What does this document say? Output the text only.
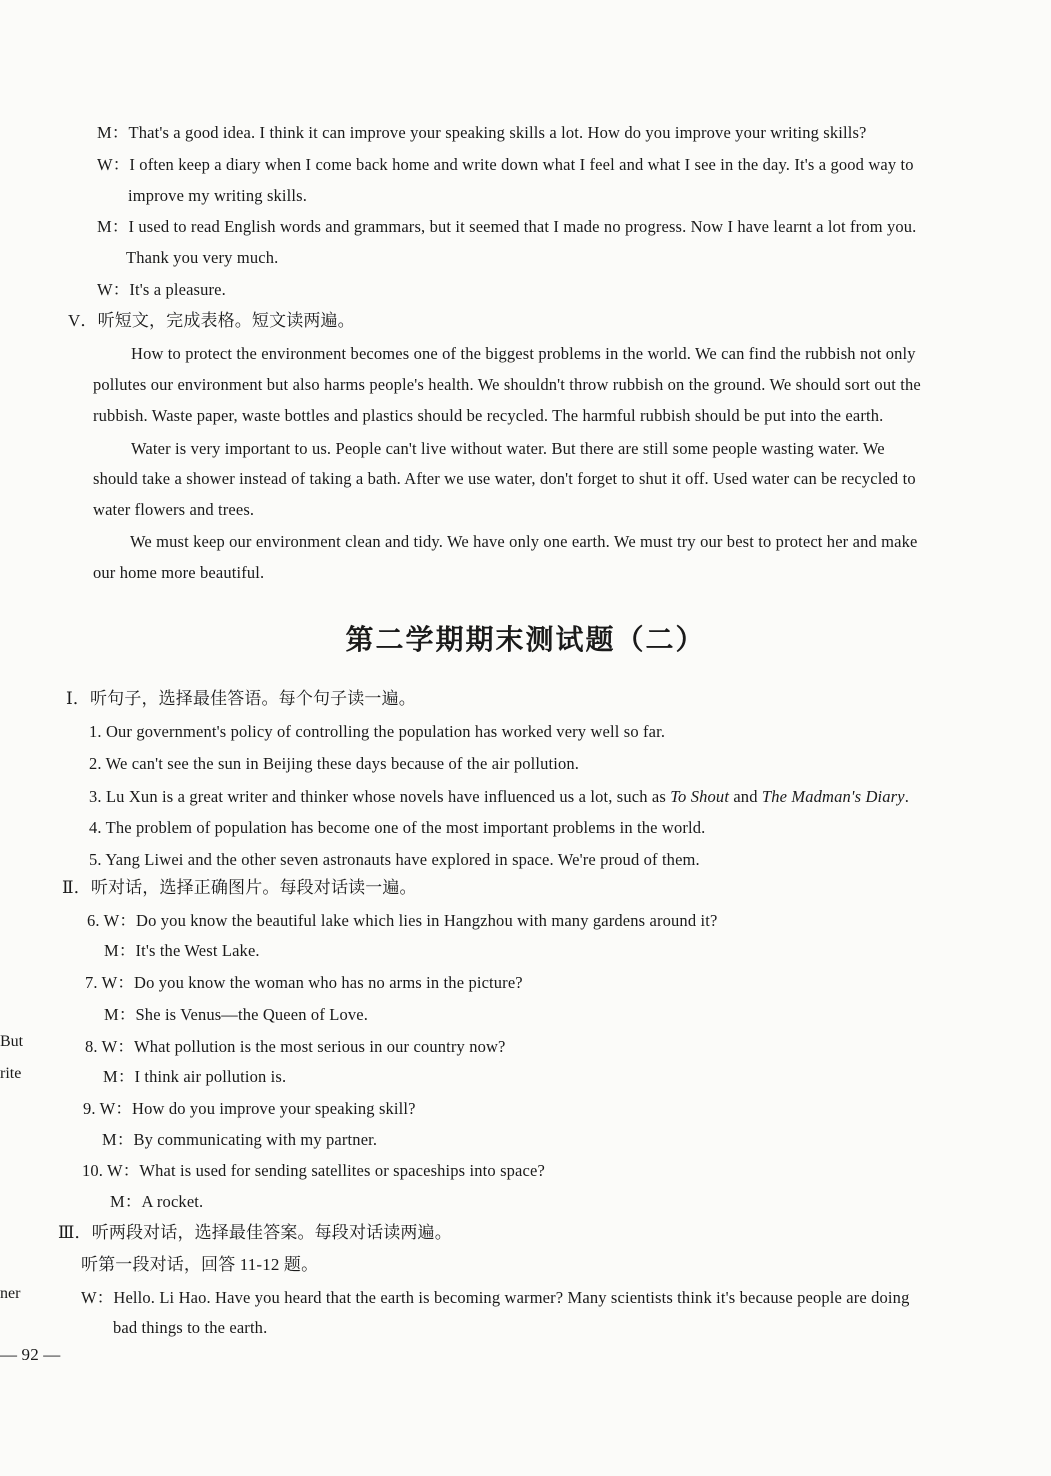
M：That's a good idea. I think it can improve your speaking skills a lot. How do you improve your writing skills?
W：I often keep a diary when I come back home and write down what I feel and what I see in the day. It's a good way to
improve my writing skills.
M：I used to read English words and grammars, but it seemed that I made no progress. Now I have learnt a lot from you.
Thank you very much.
W：It's a pleasure.
V．听短文，完成表格。短文读两遍。
How to protect the environment becomes one of the biggest problems in the world. We can find the rubbish not only
pollutes our environment but also harms people's health. We shouldn't throw rubbish on the ground. We should sort out the
rubbish. Waste paper, waste bottles and plastics should be recycled. The harmful rubbish should be put into the earth.
Water is very important to us. People can't live without water. But there are still some people wasting water. We
should take a shower instead of taking a bath. After we use water, don't forget to shut it off. Used water can be recycled to
water flowers and trees.
We must keep our environment clean and tidy. We have only one earth. We must try our best to protect her and make
our home more beautiful.
第二学期期末测试题（二）
Ⅰ．听句子，选择最佳答语。每个句子读一遍。
1. Our government's policy of controlling the population has worked very well so far.
2. We can't see the sun in Beijing these days because of the air pollution.
3. Lu Xun is a great writer and thinker whose novels have influenced us a lot, such as To Shout and The Madman's Diary.
4. The problem of population has become one of the most important problems in the world.
5. Yang Liwei and the other seven astronauts have explored in space. We're proud of them.
Ⅱ．听对话，选择正确图片。每段对话读一遍。
6. W：Do you know the beautiful lake which lies in Hangzhou with many gardens around it?
M：It's the West Lake.
7. W：Do you know the woman who has no arms in the picture?
M：She is Venus—the Queen of Love.
8. W：What pollution is the most serious in our country now?
M：I think air pollution is.
9. W：How do you improve your speaking skill?
M：By communicating with my partner.
10. W：What is used for sending satellites or spaceships into space?
M：A rocket.
Ⅲ．听两段对话，选择最佳答案。每段对话读两遍。
听第一段对话，回答 11-12 题。
W：Hello. Li Hao. Have you heard that the earth is becoming warmer? Many scientists think it's because people are doing
bad things to the earth.
But
rite
ner
— 92 —
